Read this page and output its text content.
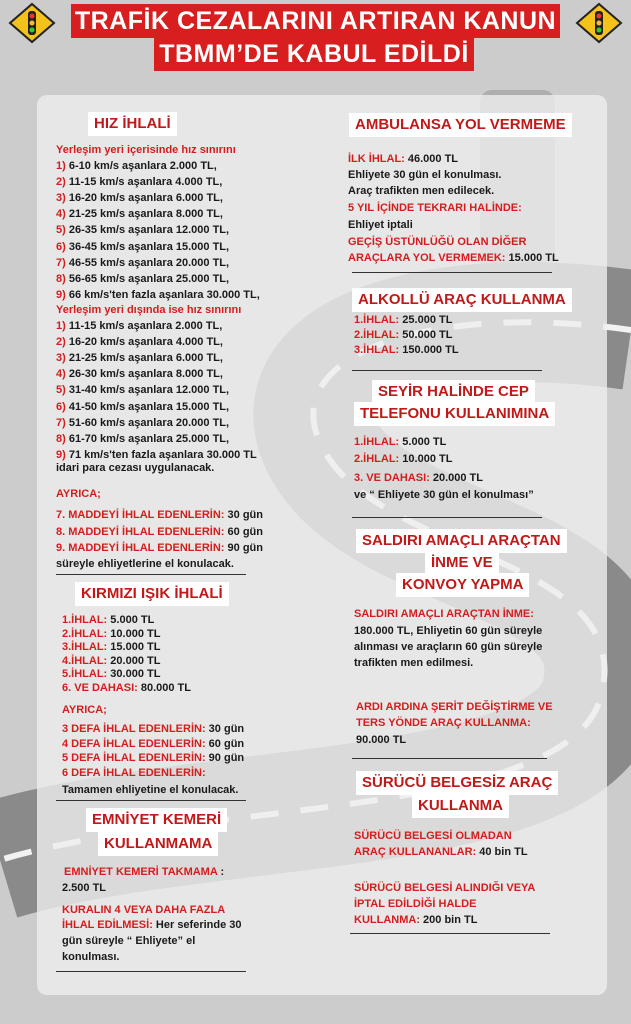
TRAFİK CEZALARINI ARTIRAN KANUN
TBMM’DE KABUL EDİLDİ
HIZ İHLALİ
Yerleşim yeri içerisinde hız sınırını
Yerleşim yeri dışında ise hız sınırını
idari para cezası uygulanacak.
AYRICA;
süreyle ehliyetlerine el konulacak.
KIRMIZI IŞIK İHLALİ
AYRICA;
Tamamen ehliyetine el konulacak.
EMNİYET KEMERİ
KULLANMAMA
EMNİYET KEMERİ TAKMAMA :
2.500 TL
KURALIN 4 VEYA DAHA FAZLA
İHLAL EDİLMESİ: Her seferinde 30
gün süreyle “ Ehliyete” el
konulması.
AMBULANSA YOL VERMEME
İLK İHLAL: 46.000 TL
Ehliyete 30 gün el konulması.
Araç trafikten men edilecek.
5 YIL İÇİNDE TEKRARI HALİNDE:
Ehliyet iptali
GEÇİŞ ÜSTÜNLÜĞÜ OLAN DİĞER
ARAÇLARA YOL VERMEMEK: 15.000 TL
ALKOLLÜ ARAÇ KULLANMA
SEYİR HALİNDE CEP
TELEFONU KULLANIMINA
3. VE DAHASI: 20.000 TL
ve “ Ehliyete 30 gün el konulması”
SALDIRI AMAÇLI ARAÇTAN
İNME VE
KONVOY YAPMA
SALDIRI AMAÇLI ARAÇTAN İNME:
180.000 TL, Ehliyetin 60 gün süreyle
alınması ve araçların 60 gün süreyle
trafikten men edilmesi.
ARDI ARDINA ŞERİT DEĞİŞTİRME VE
TERS YÖNDE ARAÇ KULLANMA:
90.000 TL
SÜRÜCÜ BELGESİZ ARAÇ
KULLANMA
SÜRÜCÜ BELGESİ OLMADAN
ARAÇ KULLANANLAR: 40 bin TL
SÜRÜCÜ BELGESİ ALINDIĞI VEYA
İPTAL EDİLDİĞİ HALDE
KULLANMA: 200 bin TL
1) 6-10 km/s aşanlara 2.000 TL,
2) 11-15 km/s aşanlara 4.000 TL,
3) 16-20 km/s aşanlara 6.000 TL,
4) 21-25 km/s aşanlara 8.000 TL,
5) 26-35 km/s aşanlara 12.000 TL,
6) 36-45 km/s aşanlara 15.000 TL,
7) 46-55 km/s aşanlara 20.000 TL,
8) 56-65 km/s aşanlara 25.000 TL,
9) 66 km/s'ten fazla aşanlara 30.000 TL,
1) 11-15 km/s aşanlara 2.000 TL,
2) 16-20 km/s aşanlara 4.000 TL,
3) 21-25 km/s aşanlara 6.000 TL,
4) 26-30 km/s aşanlara 8.000 TL,
5) 31-40 km/s aşanlara 12.000 TL,
6) 41-50 km/s aşanlara 15.000 TL,
7) 51-60 km/s aşanlara 20.000 TL,
8) 61-70 km/s aşanlara 25.000 TL,
9) 71 km/s'ten fazla aşanlara 30.000 TL
7. MADDEYİ İHLAL EDENLERİN: 30 gün
8. MADDEYİ İHLAL EDENLERİN: 60 gün
9. MADDEYİ İHLAL EDENLERİN: 90 gün
1.İHLAL: 5.000 TL
2.İHLAL: 10.000 TL
3.İHLAL: 15.000 TL
4.İHLAL: 20.000 TL
5.İHLAL: 30.000 TL
6. VE DAHASI: 80.000 TL
3 DEFA İHLAL EDENLERİN: 30 gün
4 DEFA İHLAL EDENLERİN: 60 gün
5 DEFA İHLAL EDENLERİN: 90 gün
6 DEFA İHLAL EDENLERİN:
1.İHLAL: 25.000 TL
2.İHLAL: 50.000 TL
3.İHLAL: 150.000 TL
1.İHLAL: 5.000 TL
2.İHLAL: 10.000 TL
